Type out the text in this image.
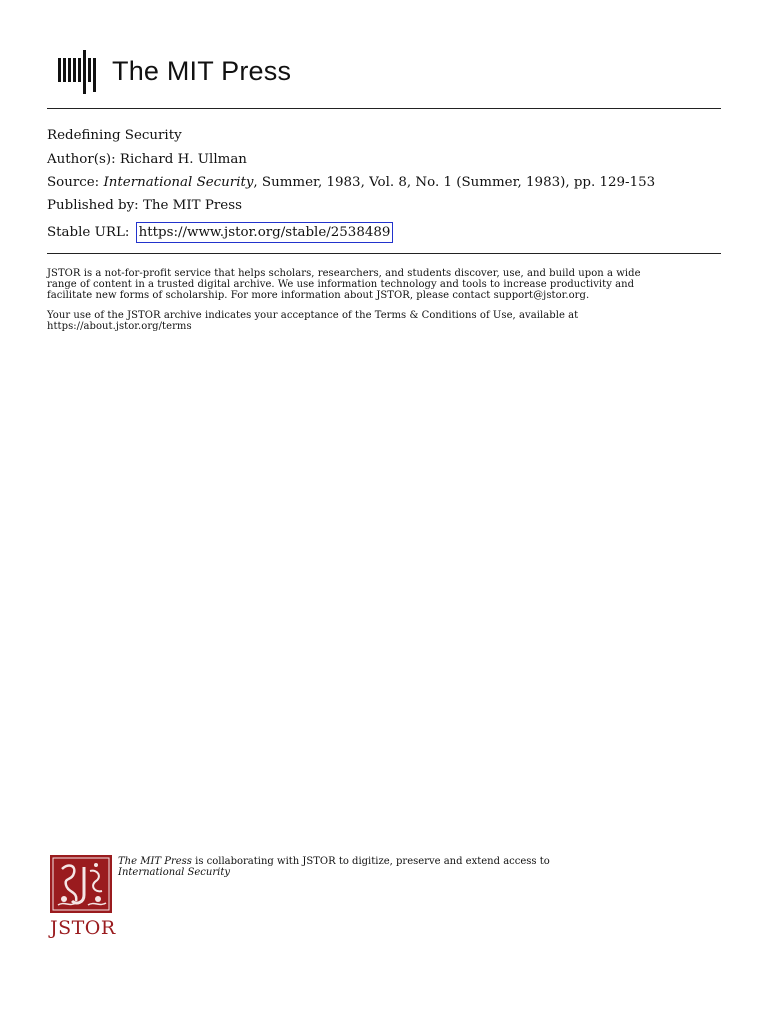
The MIT Press
Redefining Security
Author(s): Richard H. Ullman
Source: International Security, Summer, 1983, Vol. 8, No. 1 (Summer, 1983), pp. 129-153
Published by: The MIT Press
Stable URL: https://www.jstor.org/stable/2538489
JSTOR is a not-for-profit service that helps scholars, researchers, and students discover, use, and build upon a wide
range of content in a trusted digital archive. We use information technology and tools to increase productivity and
facilitate new forms of scholarship. For more information about JSTOR, please contact support@jstor.org.
Your use of the JSTOR archive indicates your acceptance of the Terms & Conditions of Use, available at
https://about.jstor.org/terms
JSTOR
The MIT Press is collaborating with JSTOR to digitize, preserve and extend access to
International Security
